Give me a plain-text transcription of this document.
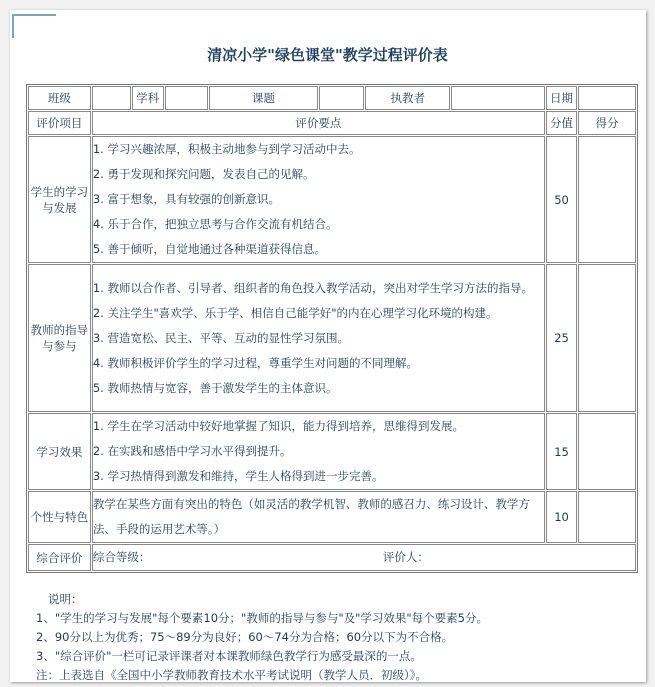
清凉小学"绿色课堂"教学过程评价表
班级		学科		课题		执教者		日期	
评价项目	评价要点							分值	得分
学生的学习与发展	1. 学习兴趣浓厚，积极主动地参与到学习活动中去。
2. 勇于发现和探究问题，发表自己的见解。
3. 富于想象，具有较强的创新意识。
4. 乐于合作，把独立思考与合作交流有机结合。
5. 善于倾听，自觉地通过各种渠道获得信息。							50	
教师的指导与参与	1. 教师以合作者、引导者、组织者的角色投入教学活动，突出对学生学习方法的指导。
2. 关注学生"喜欢学、乐于学、相信自己能学好"的内在心理学习化环境的构建。
3. 营造宽松、民主、平等、互动的显性学习氛围。
4. 教师积极评价学生的学习过程，尊重学生对问题的不同理解。
5. 教师热情与宽容，善于激发学生的主体意识。							25	
学习效果	1. 学生在学习活动中较好地掌握了知识，能力得到培养，思维得到发展。
2. 在实践和感悟中学习水平得到提升。
3. 学习热情得到激发和维持，学生人格得到进一步完善。							15	
个性与特色	教学在某些方面有突出的特色（如灵活的教学机智、教师的感召力、练习设计、教学方法、手段的运用艺术等。）							10	
综合评价	综合等级： 评价人：								
说明：
1、"学生的学习与发展"每个要素10分；"教师的指导与参与"及"学习效果"每个要素5分。
2、90分以上为优秀；75～89分为良好；60～74分为合格；60分以下为不合格。
3、"综合评价"一栏可记录评课者对本课教师绿色教学行为感受最深的一点。
注：上表选自《全国中小学教师教育技术水平考试说明（教学人员．初级）》。
